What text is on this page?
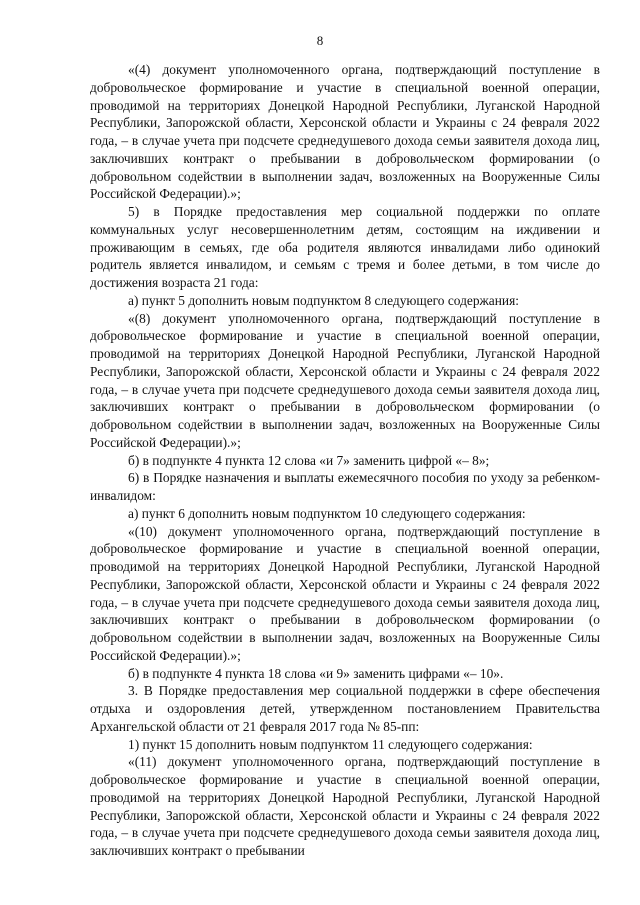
8

«(4) документ уполномоченного органа, подтверждающий поступление в добровольческое формирование и участие в специальной военной операции, проводимой на территориях Донецкой Народной Республики, Луганской Народной Республики, Запорожской области, Херсонской области и Украины с 24 февраля 2022 года, – в случае учета при подсчете среднедушевого дохода семьи заявителя дохода лиц, заключивших контракт о пребывании в добровольческом формировании (о добровольном содействии в выполнении задач, возложенных на Вооруженные Силы Российской Федерации).»;

5) в Порядке предоставления мер социальной поддержки по оплате коммунальных услуг несовершеннолетним детям, состоящим на иждивении и проживающим в семьях, где оба родителя являются инвалидами либо одинокий родитель является инвалидом, и семьям с тремя и более детьми, в том числе до достижения возраста 21 года:

а) пункт 5 дополнить новым подпунктом 8 следующего содержания:

«(8) документ уполномоченного органа, подтверждающий поступление в добровольческое формирование и участие в специальной военной операции, проводимой на территориях Донецкой Народной Республики, Луганской Народной Республики, Запорожской области, Херсонской области и Украины с 24 февраля 2022 года, – в случае учета при подсчете среднедушевого дохода семьи заявителя дохода лиц, заключивших контракт о пребывании в добровольческом формировании (о добровольном содействии в выполнении задач, возложенных на Вооруженные Силы Российской Федерации).»;

б) в подпункте 4 пункта 12 слова «и 7» заменить цифрой «– 8»;

6) в Порядке назначения и выплаты ежемесячного пособия по уходу за ребенком-инвалидом:

а) пункт 6 дополнить новым подпунктом 10 следующего содержания:

«(10) документ уполномоченного органа, подтверждающий поступление в добровольческое формирование и участие в специальной военной операции, проводимой на территориях Донецкой Народной Республики, Луганской Народной Республики, Запорожской области, Херсонской области и Украины с 24 февраля 2022 года, – в случае учета при подсчете среднедушевого дохода семьи заявителя дохода лиц, заключивших контракт о пребывании в добровольческом формировании (о добровольном содействии в выполнении задач, возложенных на Вооруженные Силы Российской Федерации).»;

б) в подпункте 4 пункта 18 слова «и 9» заменить цифрами «– 10».

3. В Порядке предоставления мер социальной поддержки в сфере обеспечения отдыха и оздоровления детей, утвержденном постановлением Правительства Архангельской области от 21 февраля 2017 года № 85-пп:

1) пункт 15 дополнить новым подпунктом 11 следующего содержания:

«(11) документ уполномоченного органа, подтверждающий поступление в добровольческое формирование и участие в специальной военной операции, проводимой на территориях Донецкой Народной Республики, Луганской Народной Республики, Запорожской области, Херсонской области и Украины с 24 февраля 2022 года, – в случае учета при подсчете среднедушевого дохода семьи заявителя дохода лиц, заключивших контракт о пребывании
